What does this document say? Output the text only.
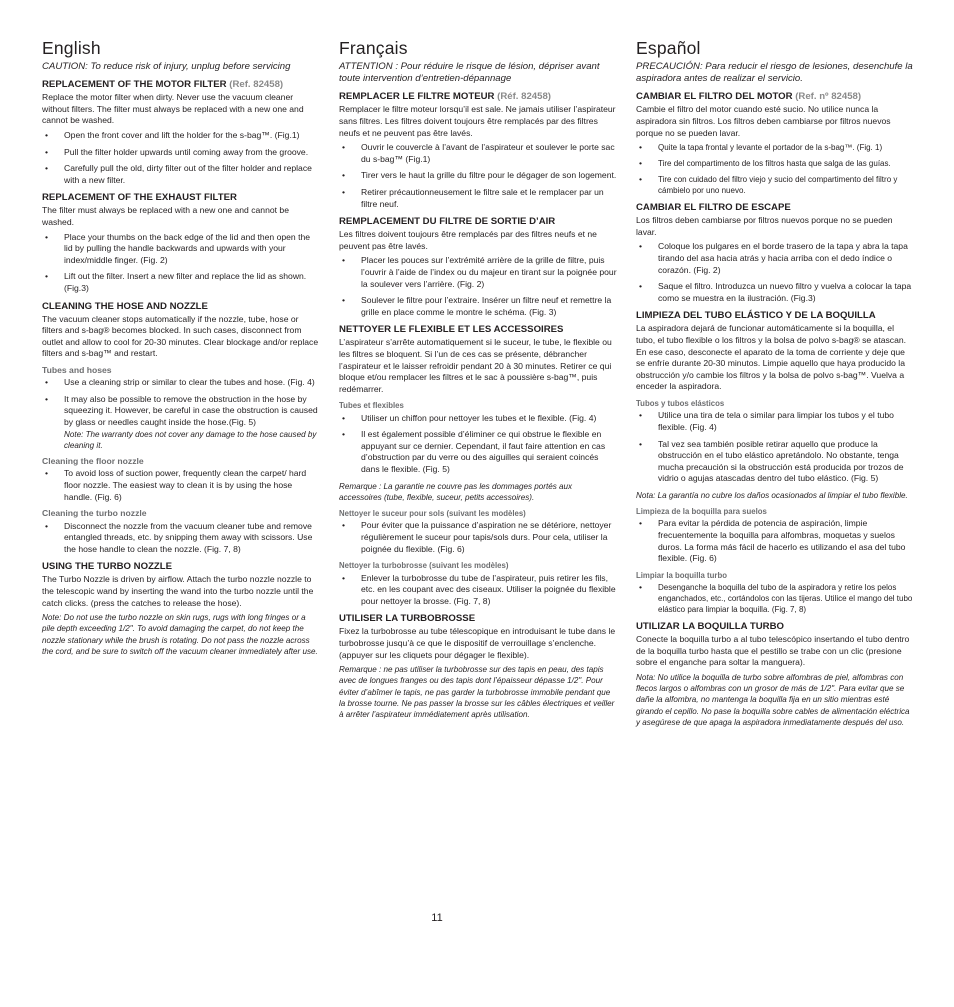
English

CAUTION: To reduce risk of injury, unplug before servicing

REPLACEMENT OF THE MOTOR FILTER (Ref. 82458)

Replace the motor filter when dirty. Never use the vacuum cleaner without filters. The filter must always be replaced with a new one and cannot be washed.

• Open the front cover and lift the holder for the s-bag™. (Fig.1)
• Pull the filter holder upwards until coming away from the groove.
• Carefully pull the old, dirty filter out of the filter holder and replace with a new filter.
REPLACEMENT OF THE EXHAUST FILTER

The filter must always be replaced with a new one and cannot be washed.

• Place your thumbs on the back edge of the lid and then open the lid by pulling the handle backwards and upwards with your index/middle finger. (Fig. 2)
• Lift out the filter. Insert a new filter and replace the lid as shown. (Fig.3)
CLEANING THE HOSE AND NOZZLE

The vacuum cleaner stops automatically if the nozzle, tube, hose or filters and s-bag® becomes blocked. In such cases, disconnect from outlet and allow to cool for 20-30 minutes. Clear blockage and/or replace filters and s-bag™ and restart.

Tubes and hoses
• Use a cleaning strip or similar to clear the tubes and hose. (Fig. 4)
• It may also be possible to remove the obstruction in the hose by squeezing it. However, be careful in case the obstruction is caused by glass or needles caught inside the hose.(Fig. 5)
Note: The warranty does not cover any damage to the hose caused by cleaning it.
Cleaning the floor nozzle
• To avoid loss of suction power, frequently clean the carpet/ hard floor nozzle. The easiest way to clean it is by using the hose handle. (Fig. 6)
Cleaning the turbo nozzle
• Disconnect the nozzle from the vacuum cleaner tube and remove entangled threads, etc. by snipping them away with scissors. Use the hose handle to clean the nozzle. (Fig. 7, 8)
USING THE TURBO NOZZLE

The Turbo Nozzle is driven by airflow. Attach the turbo nozzle nozzle to the telescopic wand by inserting the wand into the turbo nozzle until the catch clicks. (press the catches to release the hose).

Note: Do not use the turbo nozzle on skin rugs, rugs with long fringes or a pile depth exceeding 1/2". To avoid damaging the carpet, do not keep the nozzle stationary while the brush is rotating. Do not pass the nozzle across the cord, and be sure to switch off the vacuum cleaner immediately after use.

Français

ATTENTION : Pour réduire le risque de lésion, dépriser avant toute intervention d’entretien-dépannage

REMPLACER LE FILTRE MOTEUR (Réf. 82458)

Remplacer le filtre moteur lorsqu’il est sale. Ne jamais utiliser l’aspirateur sans filtres. Les filtres doivent toujours être remplacés par des filtres neufs et ne peuvent pas être lavés.

• Ouvrir le couvercle à l’avant de l’aspirateur et soulever le porte sac du s-bag™ (Fig.1)
• Tirer vers le haut la grille du filtre pour le dégager de son logement.
• Retirer précautionneusement le filtre sale et le remplacer par un filtre neuf.
REMPLACEMENT DU FILTRE DE SORTIE D’AIR

Les filtres doivent toujours être remplacés par des filtres neufs et ne peuvent pas être lavés.

• Placer les pouces sur l’extrémité arrière de la grille de filtre, puis l’ouvrir à l’aide de l’index ou du majeur en tirant sur la poignée pour la soulever vers l’arrière. (Fig. 2)
• Soulever le filtre pour l’extraire. Insérer un filtre neuf et remettre la grille en place comme le montre le schéma. (Fig. 3)
NETTOYER LE FLEXIBLE ET LES ACCESSOIRES

L’aspirateur s’arrête automatiquement si le suceur, le tube, le flexible ou les filtres se bloquent. Si l’un de ces cas se présente, débrancher l’aspirateur et le laisser refroidir pendant 20 à 30 minutes. Retirer ce qui bloque et/ou remplacer les filtres et le sac à poussière s-bag™, puis redémarrer.

Tubes et flexibles
• Utiliser un chiffon pour nettoyer les tubes et le flexible. (Fig. 4)
• Il est également possible d’éliminer ce qui obstrue le flexible en appuyant sur ce dernier. Cependant, il faut faire attention en cas d’obstruction par du verre ou des aiguilles qui seraient coincés dans le flexible. (Fig. 5)

Remarque : La garantie ne couvre pas les dommages portés aux accessoires (tube, flexible, suceur, petits accessoires).

Nettoyer le suceur pour sols (suivant les modèles)
• Pour éviter que la puissance d’aspiration ne se détériore, nettoyer régulièrement le suceur pour tapis/sols durs. Pour cela, utiliser la poignée du flexible. (Fig. 6)
Nettoyer la turbobrosse (suivant les modèles)
• Enlever la turbobrosse du tube de l’aspirateur, puis retirer les fils, etc. en les coupant avec des ciseaux. Utiliser la poignée du flexible pour nettoyer la brosse. (Fig. 7, 8)
UTILISER LA TURBOBROSSE

Fixez la turbobrosse au tube télescopique en introduisant le tube dans le turbobrosse jusqu’à ce que le dispositif de verrouillage s’enclenche. (appuyer sur les cliquets pour dégager le flexible).

Remarque : ne pas utiliser la turbobrosse sur des tapis en peau, des tapis avec de longues franges ou des tapis dont l’épaisseur dépasse 1/2". Pour éviter d’abîmer le tapis, ne pas garder la turbobrosse immobile pendant que la brosse tourne. Ne pas passer la brosse sur les câbles électriques et veiller à arrêter l’aspirateur immédiatement après utilisation.

Español

PRECAUCIÓN: Para reducir el riesgo de lesiones, desenchufe la aspiradora antes de realizar el servicio.

CAMBIAR EL FILTRO DEL MOTOR (Ref. nº 82458)

Cambie el filtro del motor cuando esté sucio. No utilice nunca la aspiradora sin filtros. Los filtros deben cambiarse por filtros nuevos porque no se pueden lavar.

• Quite la tapa frontal y levante el portador de la s-bag™. (Fig. 1)
• Tire del compartimento de los filtros hasta que salga de las guías.
• Tire con cuidado del filtro viejo y sucio del compartimento del filtro y cámbielo por uno nuevo.
CAMBIAR EL FILTRO DE ESCAPE

Los filtros deben cambiarse por filtros nuevos porque no se pueden lavar.

• Coloque los pulgares en el borde trasero de la tapa y abra la tapa tirando del asa hacia atrás y hacia arriba con el dedo índice o corazón. (Fig. 2)
• Saque el filtro. Introduzca un nuevo filtro y vuelva a colocar la tapa como se muestra en la ilustración. (Fig.3)
LIMPIEZA DEL TUBO ELÁSTICO Y DE LA BOQUILLA

La aspiradora dejará de funcionar automáticamente si la boquilla, el tubo, el tubo flexible o los filtros y la bolsa de polvo s-bag® se atascan. En ese caso, desconecte el aparato de la toma de corriente y deje que se enfríe durante 20-30 minutos. Limpie aquello que haya producido la obstrucción y/o cambie los filtros y la bolsa de polvo s-bag™. Vuelva a enceder la aspiradora.

Tubos y tubos elásticos
• Utilice una tira de tela o similar para limpiar los tubos y el tubo flexible. (Fig. 4)
• Tal vez sea también posible retirar aquello que produce la obstrucción en el tubo elástico apretándolo. No obstante, tenga mucha precaución si la obstrucción está producida por trozos de vidrio o agujas atascadas dentro del tubo elástico. (Fig. 5)

Nota: La garantía no cubre los daños ocasionados al limpiar el tubo flexible.

Limpieza de la boquilla para suelos
• Para evitar la pérdida de potencia de aspiración, limpie frecuentemente la boquilla para alfombras, moquetas y suelos duros. La forma más fácil de hacerlo es utilizando el asa del tubo flexible. (Fig. 6)
Limpiar la boquilla turbo
• Desenganche la boquilla del tubo de la aspiradora y retire los pelos enganchados, etc., cortándolos con las tijeras. Utilice el mango del tubo elástico para limpiar la boquilla. (Fig. 7, 8)
UTILIZAR LA BOQUILLA TURBO

Conecte la boquilla turbo a al tubo telescópico insertando el tubo dentro de la boquilla turbo hasta que el pestillo se trabe con un clic (presione sobre el enganche para soltar la manguera).

Nota: No utilice la boquilla de turbo sobre alfombras de piel, alfombras con flecos largos o alfombras con un grosor de más de 1/2". Para evitar que se dañe la alfombra, no mantenga la boquilla fija en un sitio mientras esté girando el cepillo. No pase la boquilla sobre cables de alimentación eléctrica y asegúrese de que apaga la aspiradora inmediatamente después del uso.

11
